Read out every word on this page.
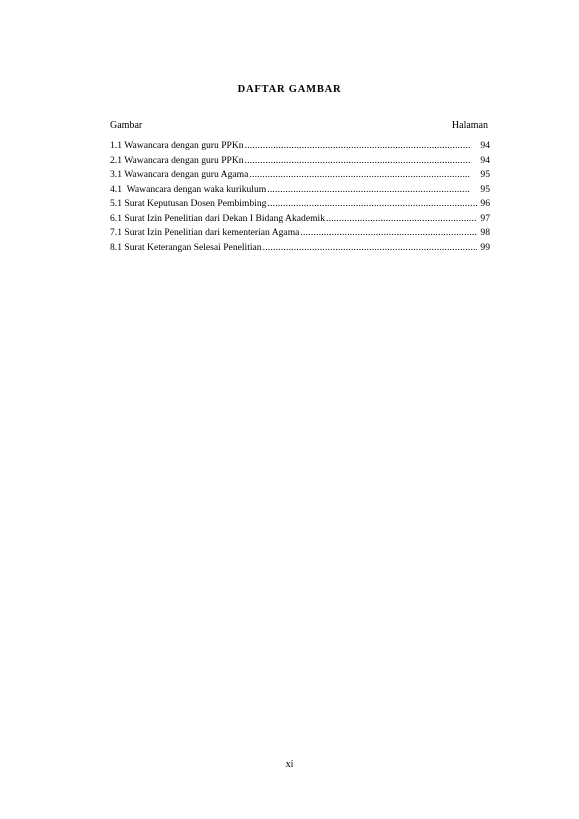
DAFTAR GAMBAR
Gambar	Halaman
1.1 Wawancara dengan guru PPKn .....	94
2.1 Wawancara dengan guru PPKn .....	94
3.1 Wawancara dengan guru Agama .....	95
4.1  Wawancara dengan waka kurikulum .....	95
5.1 Surat Keputusan Dosen Pembimbing .....	96
6.1 Surat Izin Penelitian dari Dekan I Bidang Akademik .....	97
7.1 Surat Izin Penelitian dari kementerian Agama .....	98
8.1 Surat Keterangan Selesai Penelitian .....	99
xi
